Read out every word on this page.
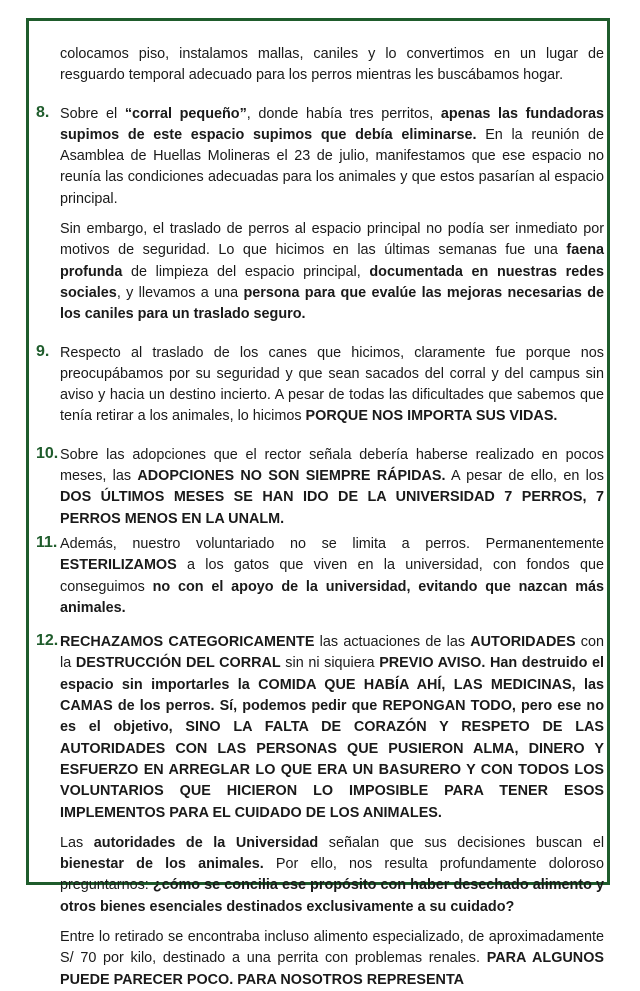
colocamos piso, instalamos mallas, caniles y lo convertimos en un lugar de resguardo temporal adecuado para los perros mientras les buscábamos hogar.

8. Sobre el “corral pequeño”, donde había tres perritos, apenas las fundadoras supimos de este espacio supimos que debía eliminarse. En la reunión de Asamblea de Huellas Molineras el 23 de julio, manifestamos que ese espacio no reunía las condiciones adecuadas para los animales y que estos pasarían al espacio principal.

Sin embargo, el traslado de perros al espacio principal no podía ser inmediato por motivos de seguridad. Lo que hicimos en las últimas semanas fue una faena profunda de limpieza del espacio principal, documentada en nuestras redes sociales, y llevamos a una persona para que evalúe las mejoras necesarias de los caniles para un traslado seguro.

9. Respecto al traslado de los canes que hicimos, claramente fue porque nos preocupábamos por su seguridad y que sean sacados del corral y del campus sin aviso y hacia un destino incierto. A pesar de todas las dificultades que sabemos que tenía retirar a los animales, lo hicimos PORQUE NOS IMPORTA SUS VIDAS.

10. Sobre las adopciones que el rector señala debería haberse realizado en pocos meses, las ADOPCIONES NO SON SIEMPRE RÁPIDAS. A pesar de ello, en los DOS ÚLTIMOS MESES SE HAN IDO DE LA UNIVERSIDAD 7 PERROS, 7 PERROS MENOS EN LA UNALM.

11. Además, nuestro voluntariado no se limita a perros. Permanentemente ESTERILIZAMOS a los gatos que viven en la universidad, con fondos que conseguimos no con el apoyo de la universidad, evitando que nazcan más animales.

12. RECHAZAMOS CATEGORICAMENTE las actuaciones de las AUTORIDADES con la DESTRUCCIÓN DEL CORRAL sin ni siquiera PREVIO AVISO. Han destruido el espacio sin importarles la COMIDA QUE HABÍA AHÍ, LAS MEDICINAS, las CAMAS de los perros. Sí, podemos pedir que REPONGAN TODO, pero ese no es el objetivo, SINO LA FALTA DE CORAZÓN Y RESPETO DE LAS AUTORIDADES CON LAS PERSONAS QUE PUSIERON ALMA, DINERO Y ESFUERZO EN ARREGLAR LO QUE ERA UN BASURERO Y CON TODOS LOS VOLUNTARIOS QUE HICIERON LO IMPOSIBLE PARA TENER ESOS IMPLEMENTOS PARA EL CUIDADO DE LOS ANIMALES.

Las autoridades de la Universidad señalan que sus decisiones buscan el bienestar de los animales. Por ello, nos resulta profundamente doloroso preguntarnos: ¿cómo se concilia ese propósito con haber desechado alimento y otros bienes esenciales destinados exclusivamente a su cuidado?

Entre lo retirado se encontraba incluso alimento especializado, de aproximadamente S/ 70 por kilo, destinado a una perrita con problemas renales. PARA ALGUNOS PUEDE PARECER POCO. PARA NOSOTROS REPRESENTA
